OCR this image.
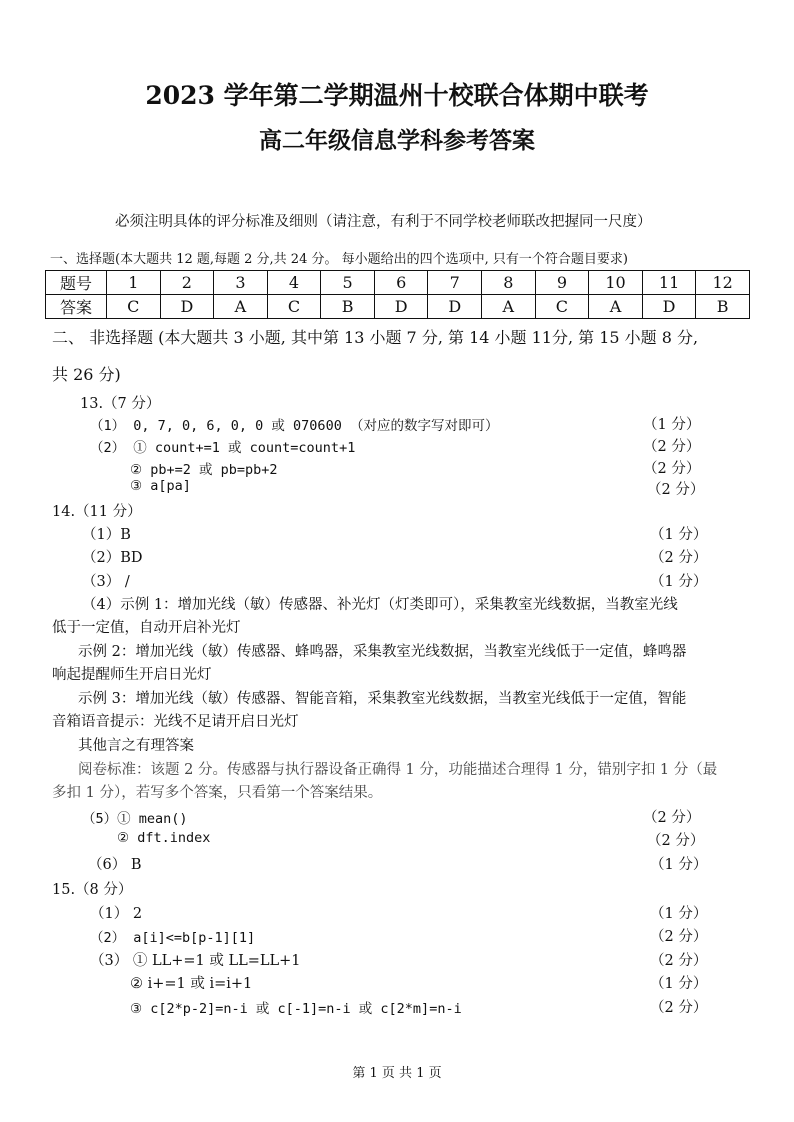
2023 学年第二学期温州十校联合体期中联考
高二年级信息学科参考答案
必须注明具体的评分标准及细则（请注意，有利于不同学校老师联改把握同一尺度）
一、选择题(本大题共 12 题,每题 2 分,共 24 分。 每小题给出的四个选项中, 只有一个符合题目要求)
题号	1	2	3	4	5	6	7	8	9	10	11	12
答案	C	D	A	C	B	D	D	A	C	A	D	B
二、 非选择题 (本大题共 3 小题, 其中第 13 小题 7 分, 第 14 小题 11分, 第 15 小题 8 分,
共 26 分)
13.（7 分）
（1） 0, 7, 0, 6, 0, 0 或 070600 （对应的数字写对即可）	（1 分）
（2） ① count+=1 或 count=count+1	（2 分）
② pb+=2 或 pb=pb+2	（2 分）
③ a[pa]	（2 分）
14.（11 分）
（1）B	（1 分）
（2）BD	（2 分）
（3） /	（1 分）
（4）示例 1：增加光线（敏）传感器、补光灯（灯类即可），采集教室光线数据，当教室光线
低于一定值，自动开启补光灯
示例 2：增加光线（敏）传感器、蜂鸣器，采集教室光线数据，当教室光线低于一定值，蜂鸣器
响起提醒师生开启日光灯
示例 3：增加光线（敏）传感器、智能音箱，采集教室光线数据，当教室光线低于一定值，智能
音箱语音提示：光线不足请开启日光灯
其他言之有理答案
阅卷标准：该题 2 分。传感器与执行器设备正确得 1 分，功能描述合理得 1 分，错别字扣 1 分（最
多扣 1 分），若写多个答案，只看第一个答案结果。
（5）① mean()	（2 分）
② dft.index	（2 分）
（6） B	（1 分）
15.（8 分）
（1） 2	（1 分）
（2） a[i]<=b[p-1][1]	（2 分）
（3） ① LL+=1 或 LL=LL+1	（2 分）
② i+=1 或 i=i+1	（1 分）
③ c[2*p-2]=n-i 或 c[-1]=n-i 或 c[2*m]=n-i	（2 分）
第 1 页 共 1 页
